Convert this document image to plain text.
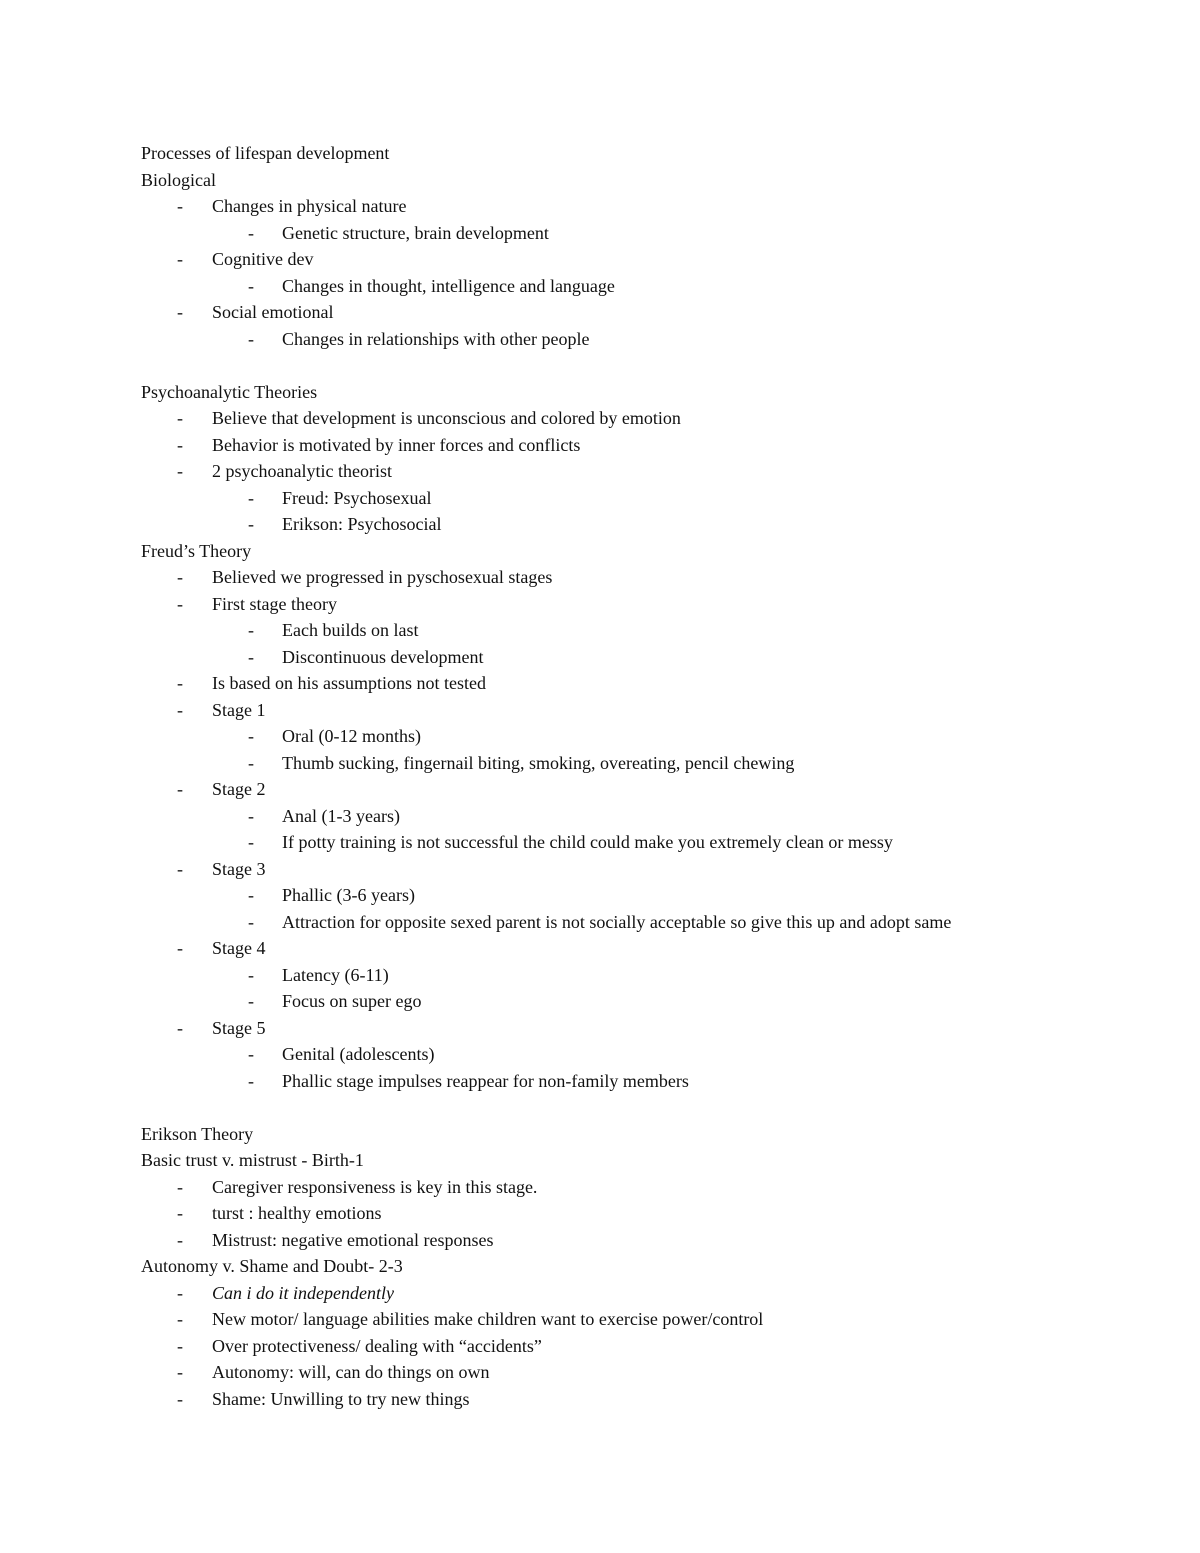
Processes of lifespan development
Biological
- Changes in physical nature
- Genetic structure, brain development
- Cognitive dev
- Changes in thought, intelligence and language
- Social emotional
- Changes in relationships with other people
Psychoanalytic Theories
- Believe that development is unconscious and colored by emotion
- Behavior is motivated by inner forces and conflicts
- 2 psychoanalytic theorist
- Freud: Psychosexual
- Erikson: Psychosocial
Freud’s Theory
- Believed we progressed in pyschosexual stages
- First stage theory
- Each builds on last
- Discontinuous development
- Is based on his assumptions not tested
- Stage 1
- Oral (0-12 months)
- Thumb sucking, fingernail biting, smoking, overeating, pencil chewing
- Stage 2
- Anal (1-3 years)
- If potty training is not successful the child could make you extremely clean or messy
- Stage 3
- Phallic (3-6 years)
- Attraction for opposite sexed parent is not socially acceptable so give this up and adopt same
- Stage 4
- Latency (6-11)
- Focus on super ego
- Stage 5
- Genital (adolescents)
- Phallic stage impulses reappear for non-family members
Erikson Theory
Basic trust v. mistrust - Birth-1
- Caregiver responsiveness is key in this stage.
- turst : healthy emotions
- Mistrust: negative emotional responses
Autonomy v. Shame and Doubt- 2-3
- Can i do it independently
- New motor/ language abilities make children want to exercise power/control
- Over protectiveness/ dealing with “accidents”
- Autonomy: will, can do things on own
- Shame: Unwilling to try new things
